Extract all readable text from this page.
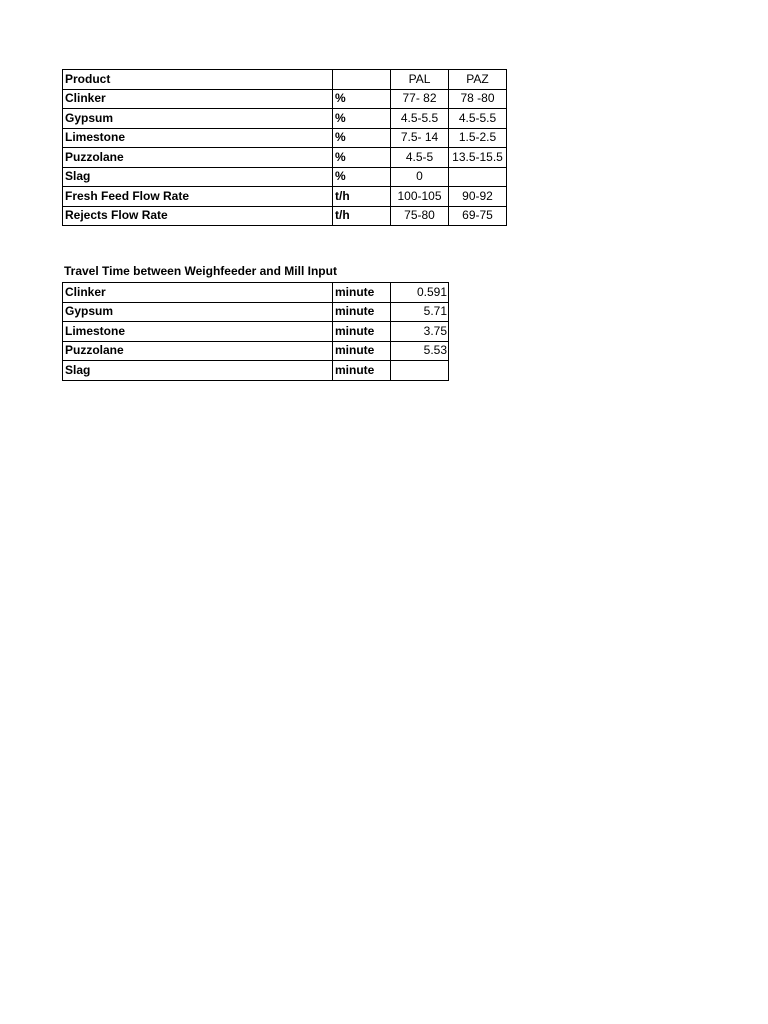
Product		PAL	PAZ
Clinker	%	77- 82	78 -80
Gypsum	%	4.5-5.5	4.5-5.5
Limestone	%	7.5- 14	1.5-2.5
Puzzolane	%	4.5-5	13.5-15.5
Slag	%	0	
Fresh Feed Flow Rate	t/h	100-105	90-92
Rejects Flow Rate	t/h	75-80	69-75
Travel Time between Weighfeeder and Mill Input
Clinker	minute	0.591
Gypsum	minute	5.71
Limestone	minute	3.75
Puzzolane	minute	5.53
Slag	minute	
